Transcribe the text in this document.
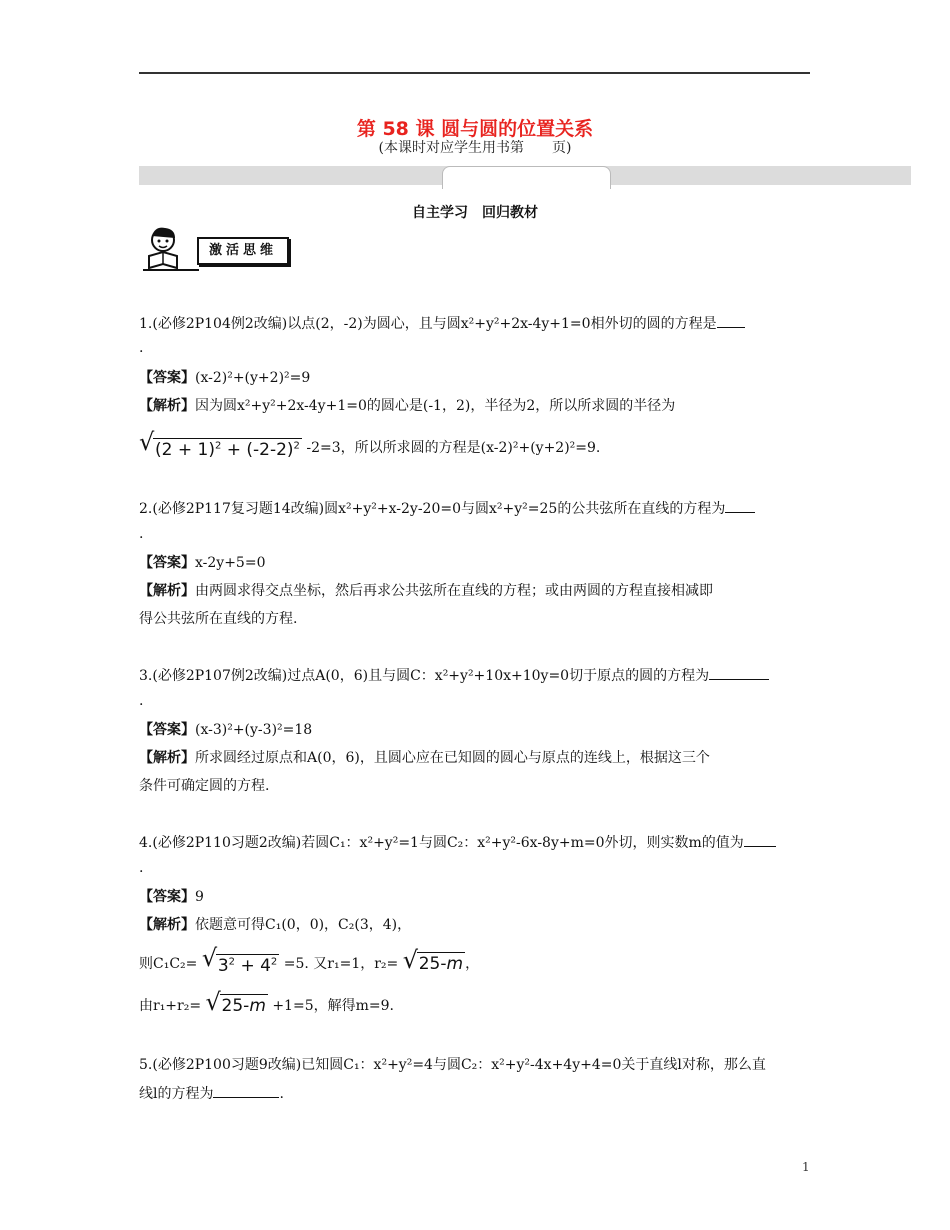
第 58 课 圆与圆的位置关系
(本课时对应学生用书第　　页)
自主学习　回归教材
激活思维
1.(必修2P104例2改编)以点(2，-2)为圆心，且与圆x²+y²+2x-4y+1=0相外切的圆的方程是
.
【答案】(x-2)²+(y+2)²=9
【解析】因为圆x²+y²+2x-4y+1=0的圆心是(-1，2)，半径为2，所以所求圆的半径为
√ $(2 + 1)^2 + (-2-2)^2$ -2=3，所以所求圆的方程是(x-2)²+(y+2)²=9.
2.(必修2P117复习题14改编)圆x²+y²+x-2y-20=0与圆x²+y²=25的公共弦所在直线的方程为
.
【答案】x-2y+5=0
【解析】由两圆求得交点坐标，然后再求公共弦所在直线的方程；或由两圆的方程直接相减即
得公共弦所在直线的方程.
3.(必修2P107例2改编)过点A(0，6)且与圆C：x²+y²+10x+10y=0切于原点的圆的方程为
.
【答案】(x-3)²+(y-3)²=18
【解析】所求圆经过原点和A(0，6)，且圆心应在已知圆的圆心与原点的连线上，根据这三个
条件可确定圆的方程.
4.(必修2P110习题2改编)若圆C₁：x²+y²=1与圆C₂：x²+y²-6x-8y+m=0外切，则实数m的值为
.
【答案】9
【解析】依题意可得C₁(0，0)，C₂(3，4)，
则C₁C₂= √ $3^2 + 4^2 =5$. 又r₁=1，r₂= √ 25-m ，
由r₁+r₂= √ 25-m +1=5，解得m=9.
5.(必修2P100习题9改编)已知圆C₁：x²+y²=4与圆C₂：x²+y²-4x+4y+4=0关于直线l对称，那么直
线l的方程为	.
1
